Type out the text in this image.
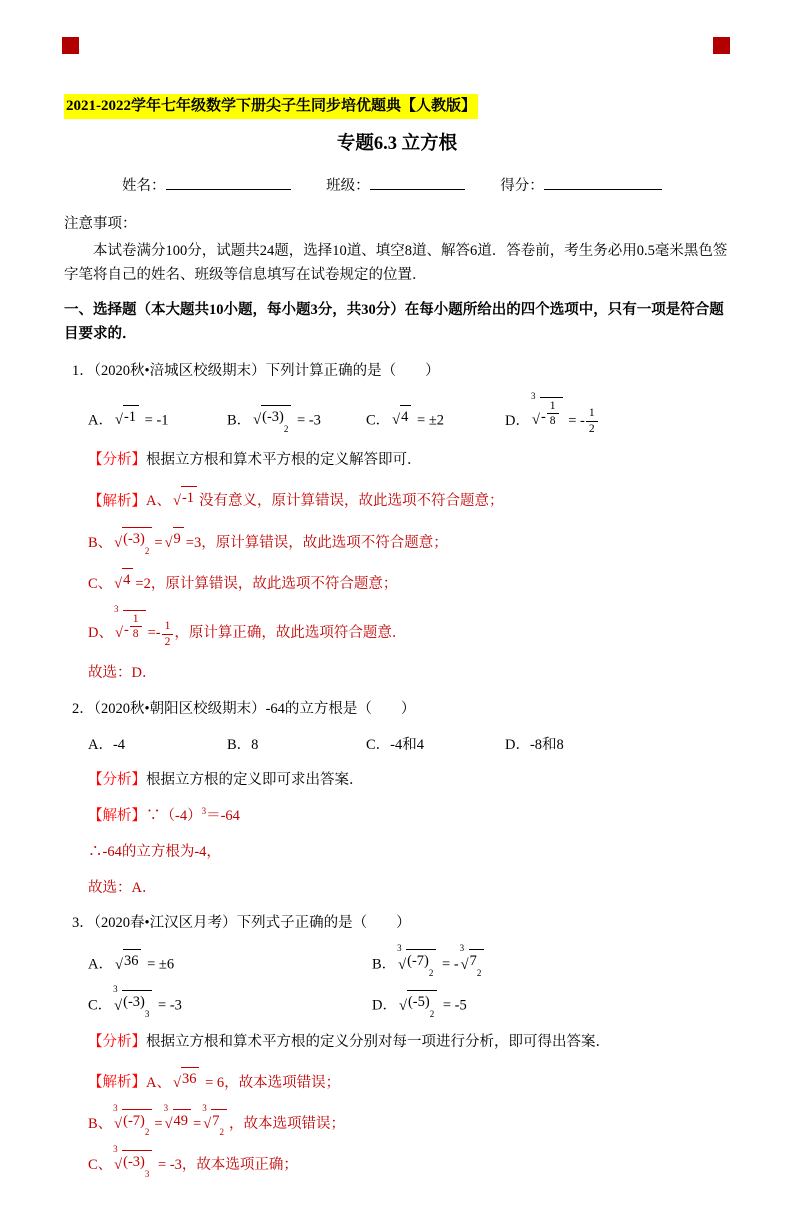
2021-2022学年七年级数学下册尖子生同步培优题典【人教版】
专题6.3 立方根
姓名：	班级：	得分：

注意事项：

本试卷满分100分，试题共24题，选择10道、填空8道、解答6道．答卷前，考生务必用0.5毫米黑色签字笔将自己的姓名、班级等信息填写在试卷规定的位置．

一、选择题（本大题共10小题，每小题3分，共30分）在每小题所给出的四个选项中，只有一项是符合题目要求的．

1．（2020秋•涪城区校级期末）下列计算正确的是（　　）

A． √ -1 = -1	B． √ (-3)
2
= -3	C． √ 4 = ±2	D．
3
√ - $\frac{1}{8}$ = - $\frac{1}{2}$

【分析】根据立方根和算术平方根的定义解答即可．

【解析】A、 √ -1 没有意义，原计算错误，故此选项不符合题意；

B、 √ (-3)
2
= √ 9 =3，原计算错误，故此选项不符合题意；

C、 √ 4 =2，原计算错误，故此选项不符合题意；

D、
3
√ - $\frac{1}{8} =- \frac{1}{2}$ ，原计算正确，故此选项符合题意．

故选：D．

2．（2020秋•朝阳区校级期末）-64的立方根是（　　）

A．-4	B．8	C．-4和4	D．-8和8

【分析】根据立方根的定义即可求出答案．

【解析】$\because(-4)^3=-64$

∴-64的立方根为-4，

故选：A．

3．（2020春•江汉区月考）下列式子正确的是（　　）

A． √ 36 = ±6	B．
3
√ (-7)
2
= -
3
√ 7
2

C．
3
√ (-3)
3
= -3	D． √ (-5)
2
= -5

【分析】根据立方根和算术平方根的定义分别对每一项进行分析，即可得出答案．

【解析】A、 √ 36 = 6，故本选项错误；

B、
3
√ (-7)
2
=
3
√ 49 =
3
√ 7
2
，故本选项错误；

C、
3
√ (-3)
3
= -3，故本选项正确；
